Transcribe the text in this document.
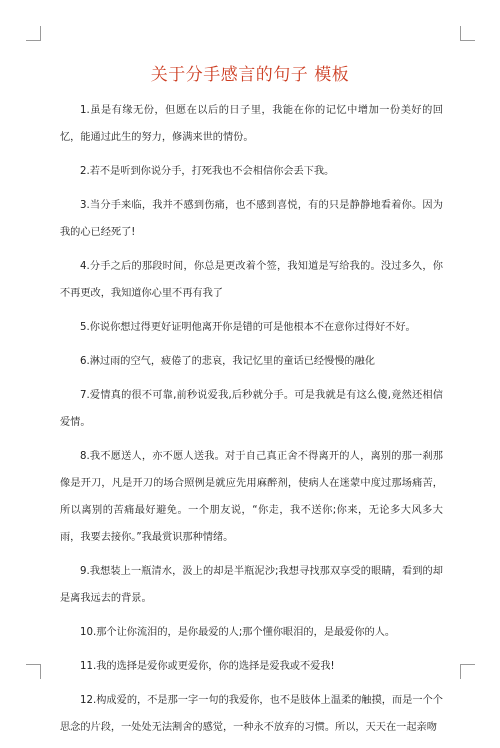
关于分手感言的句子 模板

1.虽是有缘无份，但愿在以后的日子里，我能在你的记忆中增加一份美好的回忆，能通过此生的努力，修满来世的情份。

2.若不是听到你说分手，打死我也不会相信你会丢下我。

3.当分手来临，我并不感到伤痛，也不感到喜悦，有的只是静静地看着你。因为我的心已经死了!

4.分手之后的那段时间，你总是更改着个签，我知道是写给我的。没过多久，你不再更改，我知道你心里不再有我了

5.你说你想过得更好证明他离开你是错的可是他根本不在意你过得好不好。

6.淋过雨的空气，疲倦了的悲哀，我记忆里的童话已经慢慢的融化

7.爱情真的很不可靠,前秒说爱我,后秒就分手。可是我就是有这么傻,竟然还相信爱情。

8.我不愿送人，亦不愿人送我。对于自己真正舍不得离开的人，离别的那一刹那像是开刀，凡是开刀的场合照例是就应先用麻醉剂，使病人在迷蒙中度过那场痛苦，所以离别的苦痛最好避免。一个朋友说，“你走，我不送你;你来，无论多大风多大雨，我要去接你。”我最赏识那种情绪。

9.我想装上一瓶清水，汲上的却是半瓶泥沙;我想寻找那双享受的眼睛，看到的却是离我远去的背景。

10.那个让你流泪的，是你最爱的人;那个懂你眼泪的，是最爱你的人。

11.我的选择是爱你或更爱你，你的选择是爱我或不爱我!

12.构成爱的，不是那一字一句的我爱你，也不是肢体上温柔的触摸，而是一个个思念的片段，一处处无法割舍的感觉，一种永不放弃的习惯。所以，天天在一起亲吻
